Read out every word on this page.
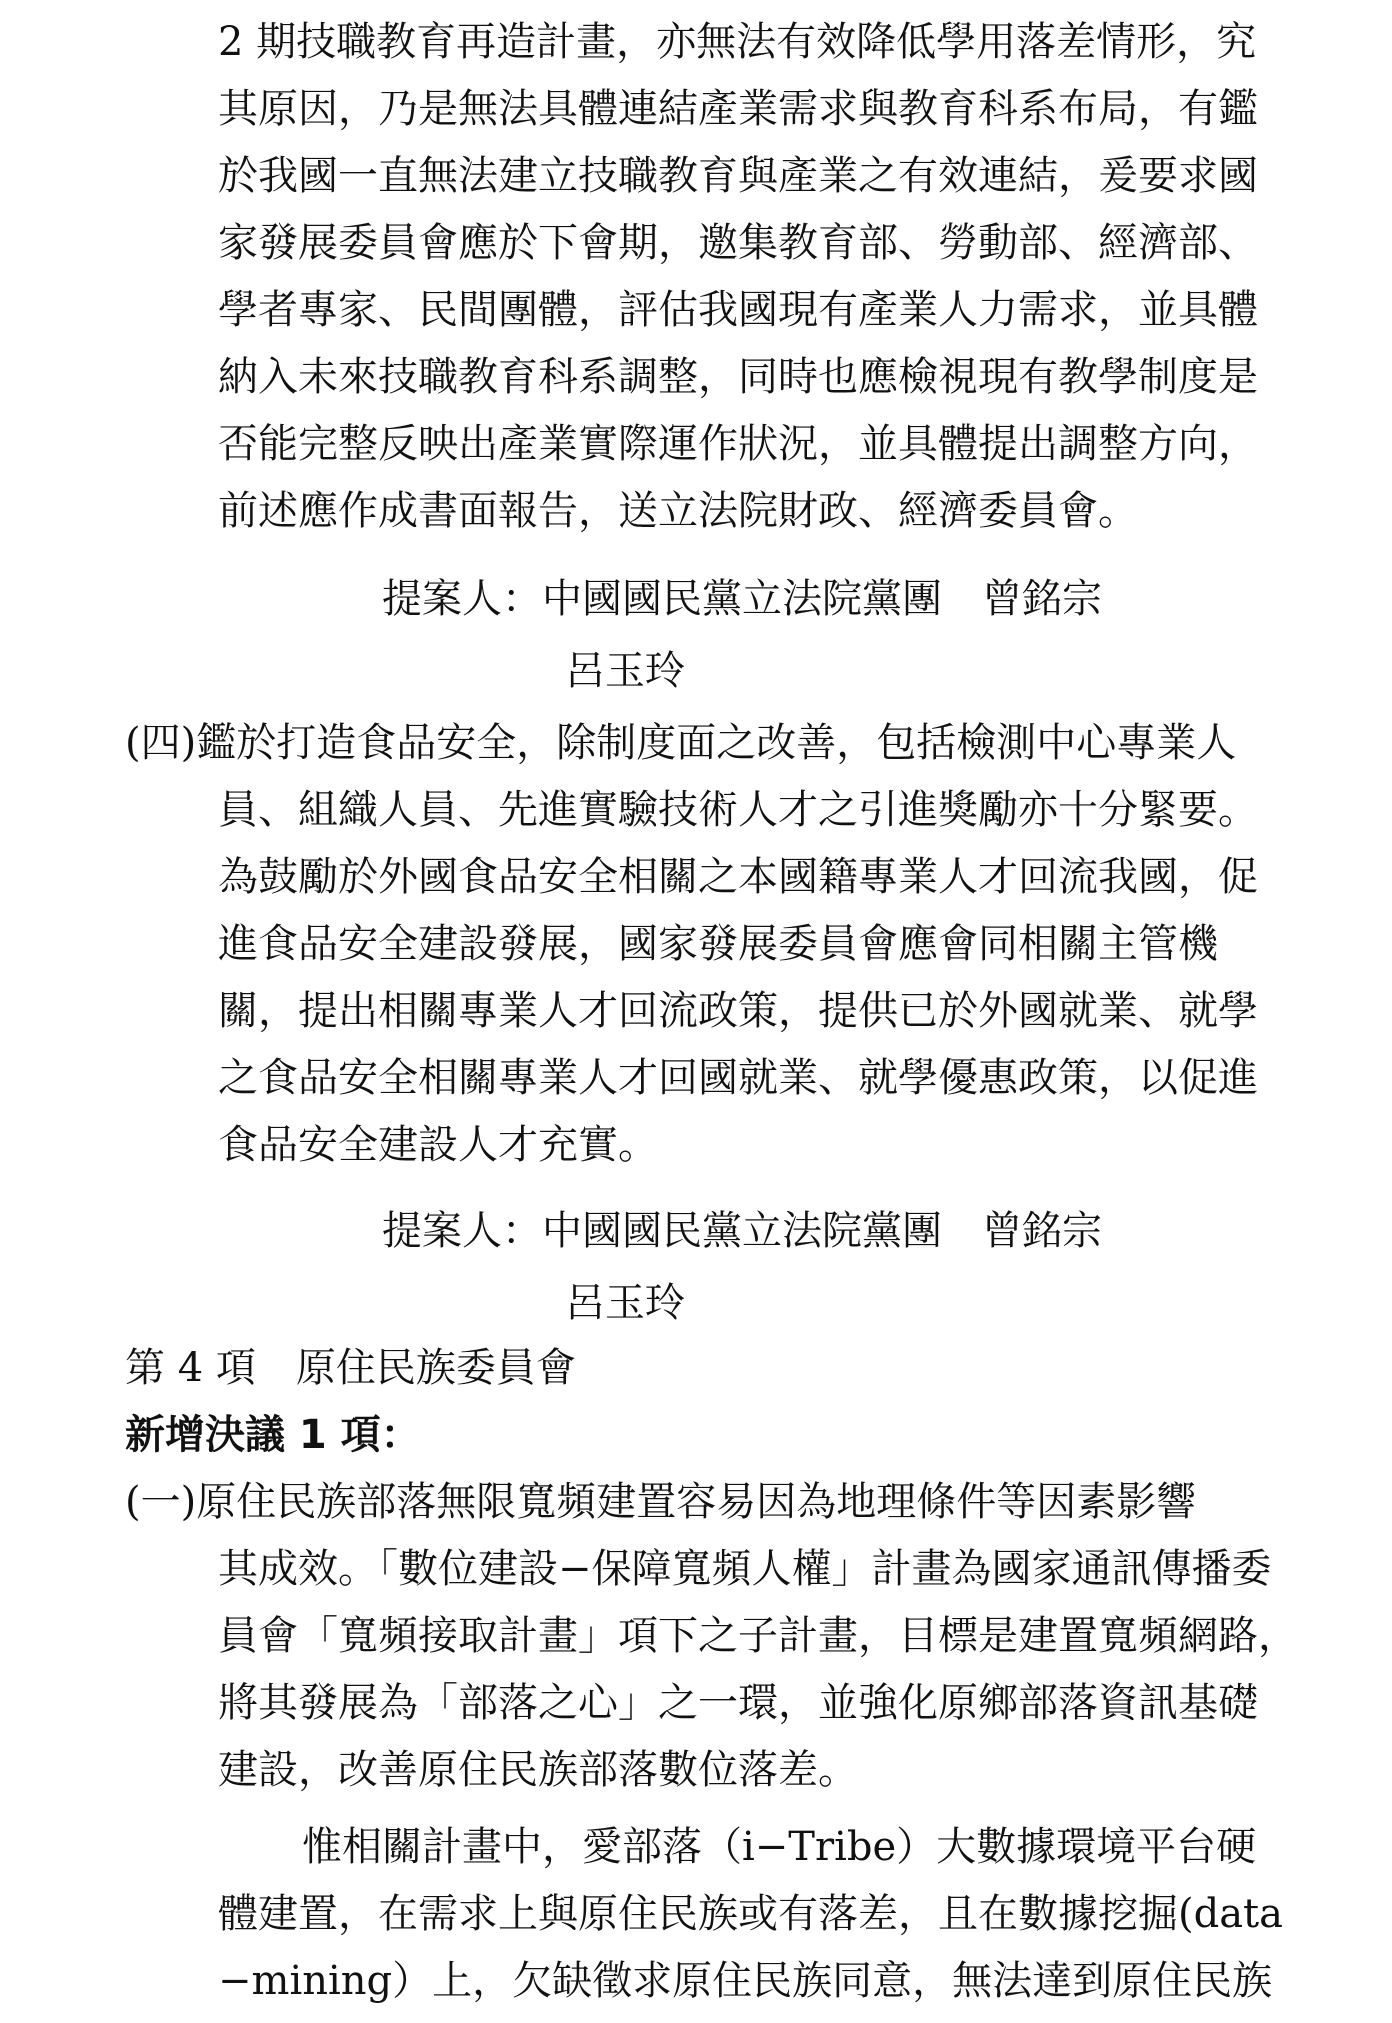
2 期技職教育再造計畫，亦無法有效降低學用落差情形，究
其原因，乃是無法具體連結產業需求與教育科系布局，有鑑
於我國一直無法建立技職教育與產業之有效連結，爰要求國
家發展委員會應於下會期，邀集教育部、勞動部、經濟部、
學者專家、民間團體，評估我國現有產業人力需求，並具體
納入未來技職教育科系調整，同時也應檢視現有教學制度是
否能完整反映出產業實際運作狀況，並具體提出調整方向，
前述應作成書面報告，送立法院財政、經濟委員會。
提案人：中國國民黨立法院黨團　曾銘宗
呂玉玲
(四)鑑於打造食品安全，除制度面之改善，包括檢測中心專業人
員、組織人員、先進實驗技術人才之引進獎勵亦十分緊要。
為鼓勵於外國食品安全相關之本國籍專業人才回流我國，促
進食品安全建設發展，國家發展委員會應會同相關主管機
關，提出相關專業人才回流政策，提供已於外國就業、就學
之食品安全相關專業人才回國就業、就學優惠政策，以促進
食品安全建設人才充實。
提案人：中國國民黨立法院黨團　曾銘宗
呂玉玲
第 4 項　原住民族委員會
新增決議 1 項：
(一)原住民族部落無限寬頻建置容易因為地理條件等因素影響
其成效。「數位建設−保障寬頻人權」計畫為國家通訊傳播委
員會「寬頻接取計畫」項下之子計畫，目標是建置寬頻網路，
將其發展為「部落之心」之一環，並強化原鄉部落資訊基礎
建設，改善原住民族部落數位落差。
惟相關計畫中，愛部落（i−Tribe）大數據環境平台硬
體建置，在需求上與原住民族或有落差，且在數據挖掘(data
−mining）上，欠缺徵求原住民族同意，無法達到原住民族
